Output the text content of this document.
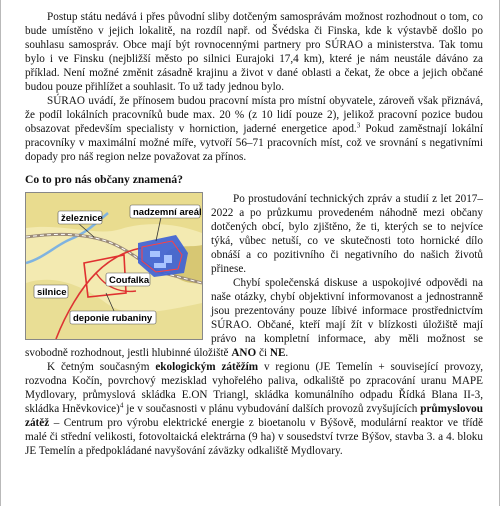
Postup státu nedává i přes původní sliby dotčeným samosprávám možnost rozhodnout o tom, co bude umístěno v jejich lokalitě, na rozdíl např. od Švédska či Finska, kde k výstavbě došlo po souhlasu samospráv. Obce mají být rovnocennými partnery pro SÚRAO a ministerstva. Tak tomu bylo i ve Finsku (nejbližší město po silnici Eurajoki 17,4 km), které je nám neustále dáváno za příklad. Není možné změnit zásadně krajinu a život v dané oblasti a čekat, že obce a jejich občané budou pouze přihlížet a souhlasit. To už tady jednou bylo.

SÚRAO uvádí, že přínosem budou pracovní místa pro místní obyvatele, zároveň však přiznává, že podíl lokálních pracovníků bude max. 20 % (z 10 lidí pouze 2), jelikož pracovní pozice budou obsazovat především specialisty v horniction, jaderné energetice apod.$^3$ Pokud zaměstnají lokální pracovníky v maximální možné míře, vytvoří 56–71 pracovních míst, což ve srovnání s negativními dopady pro náš region nelze považovat za přínos.

Co to pro nás občany znamená?
železnice
nadzemní areál
silnice
Coufalka
deponie rubaniny

Po prostudování technických zpráv a studií z let 2017–2022 a po průzkumu provedeném náhodně mezi občany dotčených obcí, bylo zjištěno, že ti, kterých se to nejvíce týká, vůbec netuší, co ve skutečnosti toto hornické dílo obnáší a co pozitivního či negativního do našich životů přinese.

Chybí společenská diskuse a uspokojivé odpovědi na naše otázky, chybí objektivní informovanost a jednostranně jsou prezentovány pouze líbivé informace prostřednictvím SÚRAO. Občané, kteří mají žít v blízkosti úložiště mají právo na kompletní informace, aby měli možnost se svobodně rozhodnout, jestli hlubinné úložiště ANO či NE.

K četným současným ekologickým zátěžím v regionu (JE Temelín + související provozy, rozvodna Kočín, povrchový mezisklad vyhořelého paliva, odkaliště po zpracování uranu MAPE Mydlovary, průmyslová skládka E.ON Triangl, skládka komunálního odpadu Řídká Blana II-3, skládka Hněvkovice)$^4$ je v současnosti v plánu vybudování dalších provozů zvyšujících průmyslovou zátěž – Centrum pro výrobu elektrické energie z bioetanolu v Býšově, modulární reaktor ve třídě malé či střední velikosti, fotovoltaická elektrárna (9 ha) v sousedství tvrze Býšov, stavba 3. a 4. bloku JE Temelín a předpokládané navyšování záväzky odkaliště Mydlovary.
